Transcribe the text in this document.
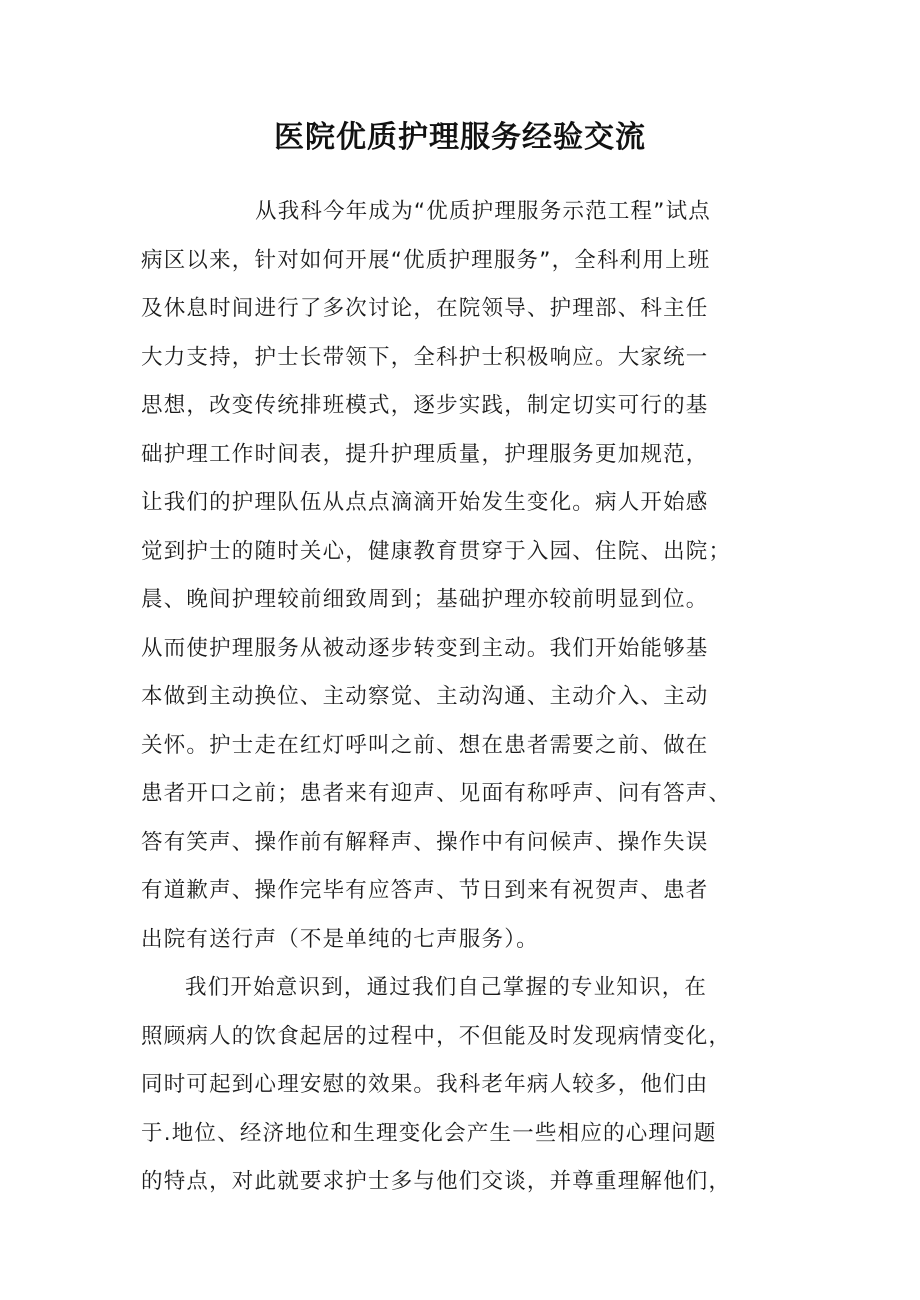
医院优质护理服务经验交流
从我科今年成为“优质护理服务示范工程”试点
病区以来，针对如何开展“优质护理服务”，全科利用上班
及休息时间进行了多次讨论，在院领导、护理部、科主任
大力支持，护士长带领下，全科护士积极响应。大家统一
思想，改变传统排班模式，逐步实践，制定切实可行的基
础护理工作时间表，提升护理质量，护理服务更加规范，
让我们的护理队伍从点点滴滴开始发生变化。病人开始感
觉到护士的随时关心，健康教育贯穿于入园、住院、出院；
晨、晚间护理较前细致周到；基础护理亦较前明显到位。
从而使护理服务从被动逐步转变到主动。我们开始能够基
本做到主动换位、主动察觉、主动沟通、主动介入、主动
关怀。护士走在红灯呼叫之前、想在患者需要之前、做在
患者开口之前；患者来有迎声、见面有称呼声、问有答声、
答有笑声、操作前有解释声、操作中有问候声、操作失误
有道歉声、操作完毕有应答声、节日到来有祝贺声、患者
出院有送行声（不是单纯的七声服务）。
我们开始意识到，通过我们自己掌握的专业知识，在
照顾病人的饮食起居的过程中，不但能及时发现病情变化，
同时可起到心理安慰的效果。我科老年病人较多，他们由
于.地位、经济地位和生理变化会产生一些相应的心理问题
的特点，对此就要求护士多与他们交谈，并尊重理解他们，
